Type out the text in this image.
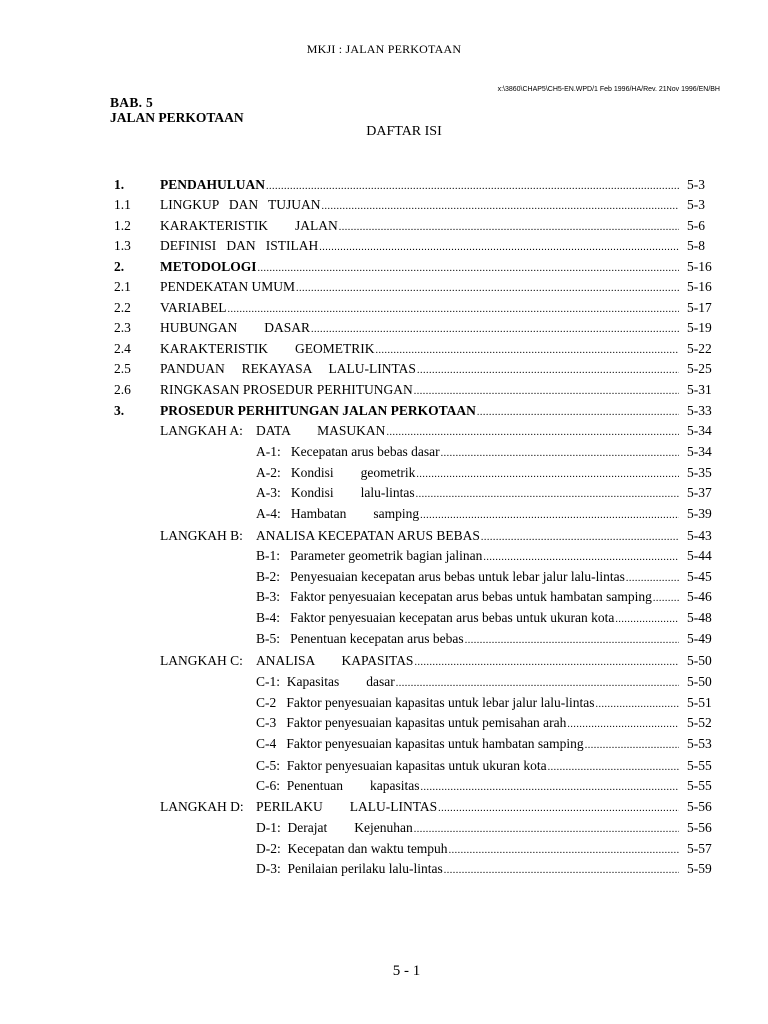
MKJI : JALAN PERKOTAAN
x:\3860\CHAP5\CH5-EN.WPD/1 Feb 1996/HA/Rev. 21Nov 1996/EN/BH
BAB. 5
JALAN PERKOTAAN
DAFTAR ISI
1.	PENDAHULUAN .....	5-3
1.1 LINGKUP   DAN   TUJUAN .....	5-3
1.2 KARAKTERISTIK        JALAN .....	5-6
1.3 DEFINISI   DAN   ISTILAH .....	5-8
2.	METODOLOGI .....	5-16
2.1 PENDEKATAN UMUM .....	5-16
2.2 VARIABEL .....	5-17
2.3 HUBUNGAN        DASAR .....	5-19
2.4 KARAKTERISTIK        GEOMETRIK .....	5-22
2.5 PANDUAN     REKAYASA     LALU-LINTAS .....	5-25
2.6 RINGKASAN PROSEDUR PERHITUNGAN .....	5-31
3.	PROSEDUR PERHITUNGAN JALAN PERKOTAAN .....	5-33
LANGKAH A: DATA        MASUKAN .....	5-34
A-1:   Kecepatan arus bebas dasar .....	5-34
A-2:   Kondisi        geometrik .....	5-35
A-3:   Kondisi        lalu-lintas .....	5-37
A-4:   Hambatan        samping .....	5-39
LANGKAH B: ANALISA KECEPATAN ARUS BEBAS .....	5-43
B-1:   Parameter geometrik bagian jalinan .....	5-44
B-2:   Penyesuaian kecepatan arus bebas untuk lebar jalur lalu-lintas .....	5-45
B-3:   Faktor penyesuaian kecepatan arus bebas untuk hambatan samping .....	5-46
B-4:   Faktor penyesuaian kecepatan arus bebas untuk ukuran kota .....	5-48
B-5:   Penentuan kecepatan arus bebas .....	5-49
LANGKAH C: ANALISA        KAPASITAS .....	5-50
C-1:  Kapasitas        dasar .....	5-50
C-2   Faktor penyesuaian kapasitas untuk lebar jalur lalu-lintas .....	5-51
C-3   Faktor penyesuaian kapasitas untuk pemisahan arah .....	5-52
C-4   Faktor penyesuaian kapasitas untuk hambatan samping .....	5-53
C-5:  Faktor penyesuaian kapasitas untuk ukuran kota .....	5-55
C-6:  Penentuan        kapasitas .....	5-55
LANGKAH D: PERILAKU        LALU-LINTAS .....	5-56
D-1:  Derajat        Kejenuhan .....	5-56
D-2:  Kecepatan dan waktu tempuh .....	5-57
D-3:  Penilaian perilaku lalu-lintas .....	5-59
5 - 1
